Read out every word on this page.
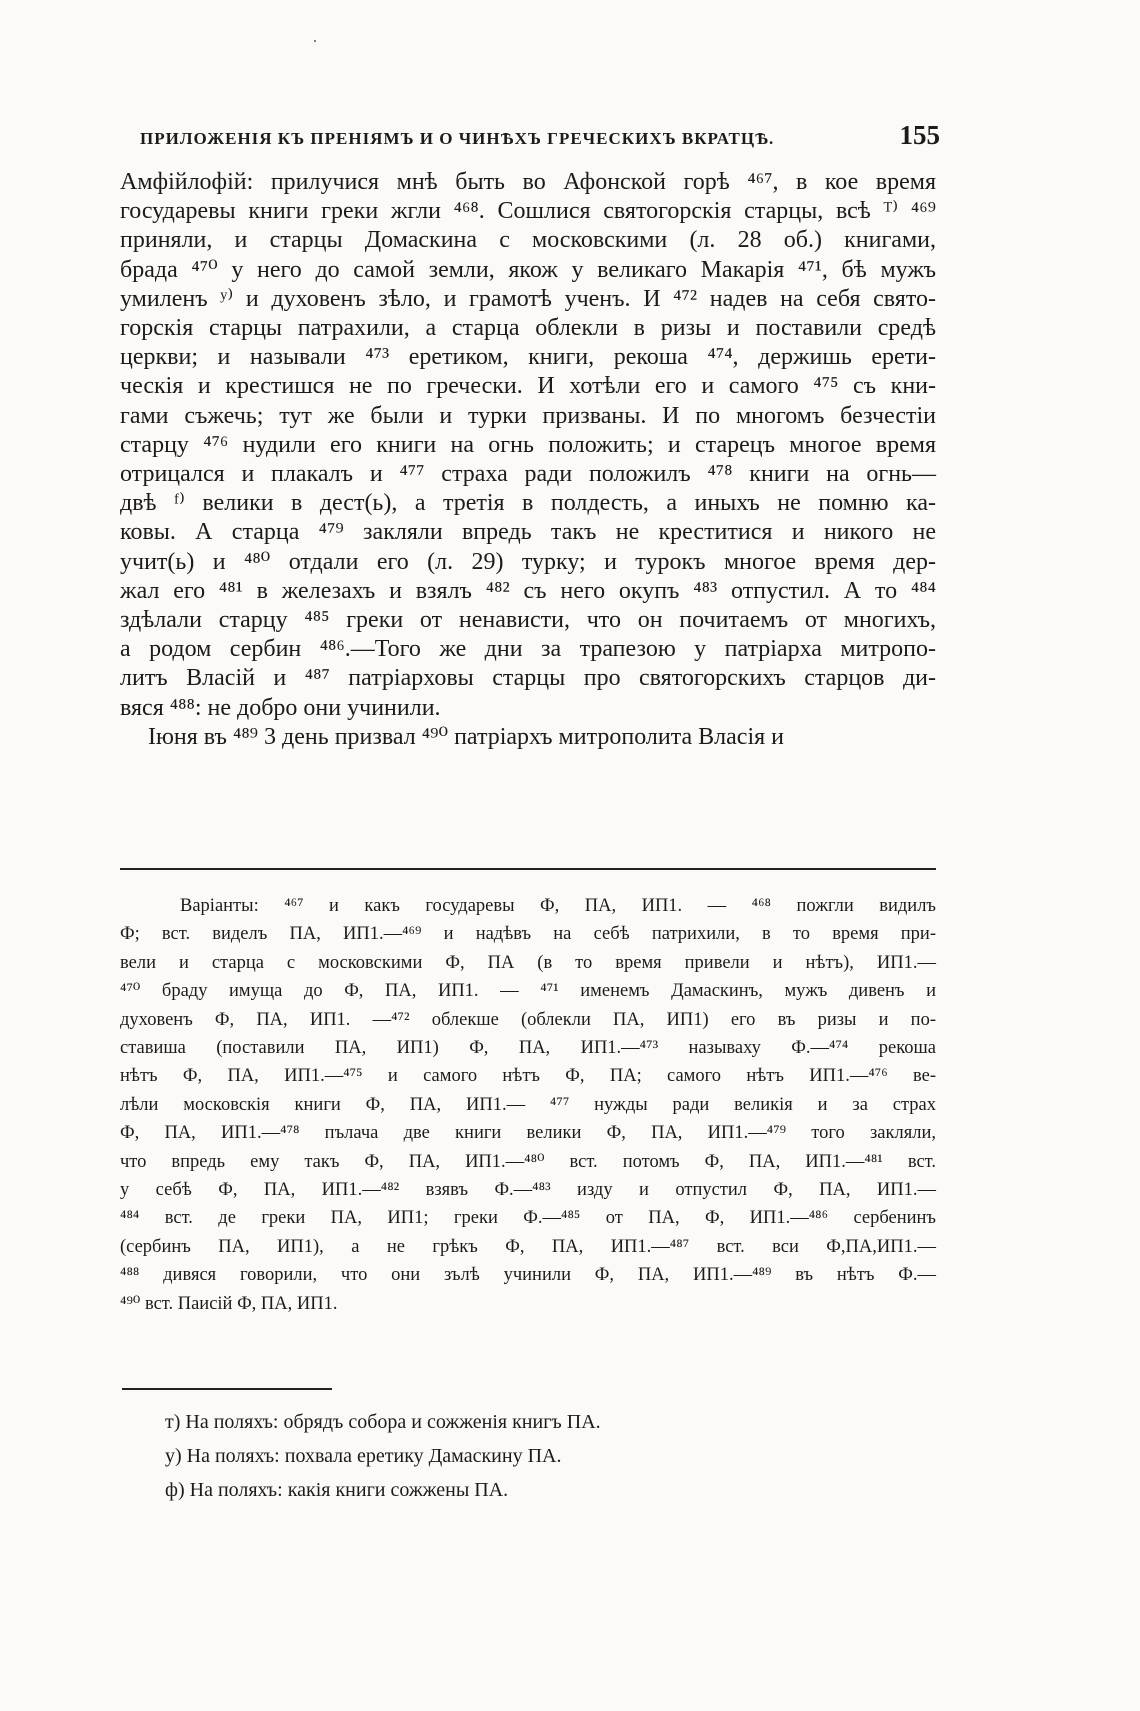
ПРИЛОЖЕНІЯ КЪ ПРЕНІЯМЪ И О ЧИНѢХЪ ГРЕЧЕСКИХЪ ВКРАТЦѢ.	155
Амфійлофій: прилучися мнѣ быть во Афонской горѣ ⁴⁶⁷, в кое время
государевы книги греки жгли ⁴⁶⁸. Сошлися святогорскія старцы, всѣ ᵀ⁾ ⁴⁶⁹
приняли, и старцы Домаскина с московскими (л. 28 об.) книгами,
брада ⁴⁷⁰ у него до самой земли, якож у великаго Макарія ⁴⁷¹, бѣ мужъ
умиленъ ʸ⁾ и духовенъ зѣло, и грамотѣ ученъ. И ⁴⁷² надев на себя свято-
горскія старцы патрахили, а старца облекли в ризы и поставили средѣ
церкви; и называли ⁴⁷³ еретиком, книги, рекоша ⁴⁷⁴, держишь ерети-
ческія и крестишся не по гречески. И хотѣли его и самого ⁴⁷⁵ съ кни-
гами съжечь; тут же были и турки призваны. И по многомъ безчестіи
старцу ⁴⁷⁶ нудили его книги на огнь положить; и старецъ многое время
отрицался и плакалъ и ⁴⁷⁷ страха ради положилъ ⁴⁷⁸ книги на огнь—
двѣ ᶠ⁾ велики в дест(ь), а третія в полдесть, а иныхъ не помню ка-
ковы. А старца ⁴⁷⁹ закляли впредь такъ не креститися и никого не
учит(ь) и ⁴⁸⁰ отдали его (л. 29) турку; и турокъ многое время дер-
жал его ⁴⁸¹ в железахъ и взялъ ⁴⁸² съ него окупъ ⁴⁸³ отпустил. А то ⁴⁸⁴
здѣлали старцу ⁴⁸⁵ греки от ненависти, что он почитаемъ от многихъ,
а родом сербин ⁴⁸⁶.—Того же дни за трапезою у патріарха митропо-
литъ Власій и ⁴⁸⁷ патріарховы старцы про святогорскихъ старцов ди-
вяся ⁴⁸⁸: не добро они учинили.
Іюня въ ⁴⁸⁹ 3 день призвал ⁴⁹⁰ патріархъ митрополита Власія и
Варіанты: ⁴⁶⁷ и какъ государевы Ф, ПА, ИП1. — ⁴⁶⁸ пожгли видилъ
Ф; вст. виделъ ПА, ИП1.—⁴⁶⁹ и надѣвъ на себѣ патрихили, в то время при-
вели и старца с московскими Ф, ПА (в то время привели и нѣтъ), ИП1.—
⁴⁷⁰ браду имуща до Ф, ПА, ИП1. — ⁴⁷¹ именемъ Дамаскинъ, мужъ дивенъ и
духовенъ Ф, ПА, ИП1. —⁴⁷² облекше (облекли ПА, ИП1) его въ ризы и по-
ставиша (поставили ПА, ИП1) Ф, ПА, ИП1.—⁴⁷³ называху Ф.—⁴⁷⁴ рекоша
нѣтъ Ф, ПА, ИП1.—⁴⁷⁵ и самого нѣтъ Ф, ПА; самого нѣтъ ИП1.—⁴⁷⁶ ве-
лѣли московскія книги Ф, ПА, ИП1.— ⁴⁷⁷ нужды ради великія и за страх
Ф, ПА, ИП1.—⁴⁷⁸ пълача две книги велики Ф, ПА, ИП1.—⁴⁷⁹ того закляли,
что впредь ему такъ Ф, ПА, ИП1.—⁴⁸⁰ вст. потомъ Ф, ПА, ИП1.—⁴⁸¹ вст.
у себѣ Ф, ПА, ИП1.—⁴⁸² взявъ Ф.—⁴⁸³ изду и отпустил Ф, ПА, ИП1.—
⁴⁸⁴ вст. де греки ПА, ИП1; греки Ф.—⁴⁸⁵ от ПА, Ф, ИП1.—⁴⁸⁶ сербенинъ
(сербинъ ПА, ИП1), а не грѣкъ Ф, ПА, ИП1.—⁴⁸⁷ вст. вси Ф,ПА,ИП1.—
⁴⁸⁸ дивяся говорили, что они зълѣ учинили Ф, ПА, ИП1.—⁴⁸⁹ въ нѣтъ Ф.—
⁴⁹⁰ вст. Паисій Ф, ПА, ИП1.
т) На поляхъ: обрядъ собора и сожженія книгъ ПА.
у) На поляхъ: похвала еретику Дамаскину ПА.
ф) На поляхъ: какія книги сожжены ПА.
